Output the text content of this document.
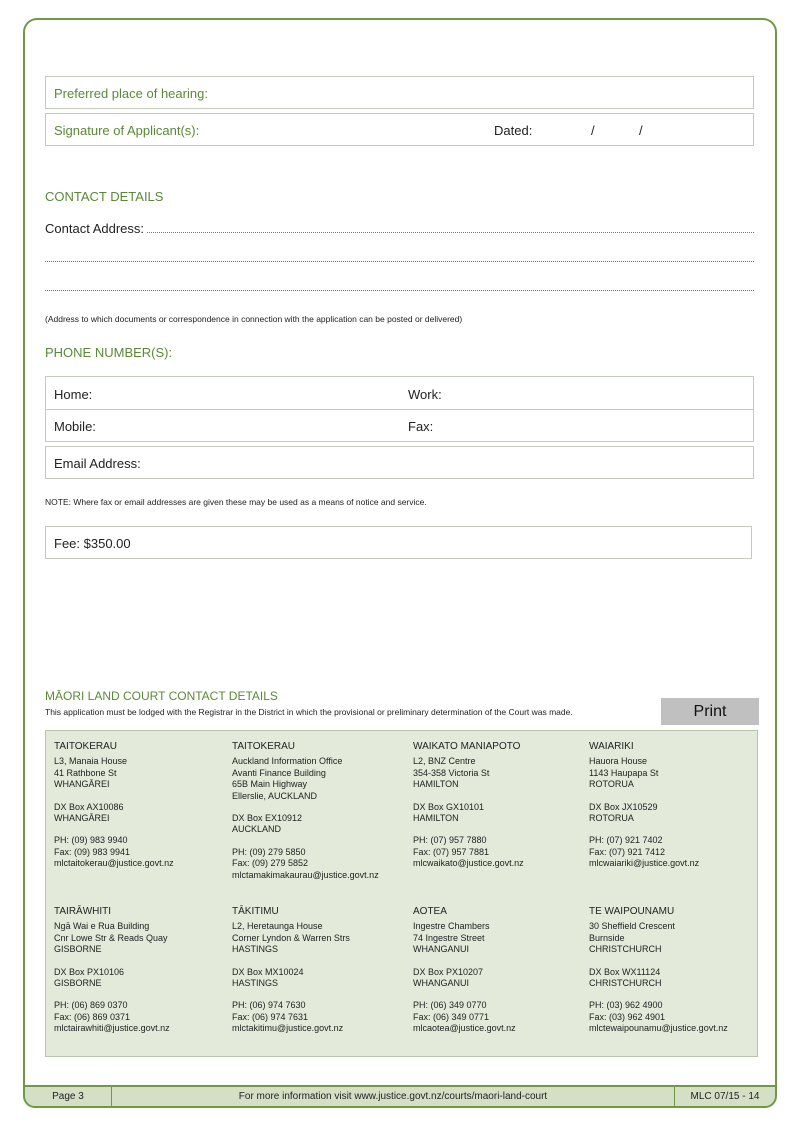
Preferred place of hearing:
Signature of Applicant(s):	Dated:	/	/
CONTACT DETAILS
Contact Address:
(Address to which documents or correspondence in connection with the application can be posted or delivered)
PHONE NUMBER(S):
Home:	Work:
Mobile:	Fax:
Email Address:
NOTE: Where fax or email addresses are given these may be used as a means of notice and service.
Fee: $350.00
MĀORI LAND COURT CONTACT DETAILS
This application must be lodged with the Registrar in the District in which the provisional or preliminary determination of the Court was made.	Print
TAITOKERAU
L3, Manaia House
41 Rathbone St
WHANGĀREI
DX Box AX10086
WHANGĀREI
PH: (09) 983 9940
Fax: (09) 983 9941
mlctaitokerau@justice.govt.nz
TAITOKERAU
Auckland Information Office
Avanti Finance Building
65B Main Highway
Ellerslie, AUCKLAND
DX Box EX10912
AUCKLAND
PH: (09) 279 5850
Fax: (09) 279 5852
mlctamakimakaurau@justice.govt.nz
WAIKATO MANIAPOTO
L2, BNZ Centre
354-358 Victoria St
HAMILTON
DX Box GX10101
HAMILTON
PH: (07) 957 7880
Fax: (07) 957 7881
mlcwaikato@justice.govt.nz
WAIARIKI
Hauora House
1143 Haupapa St
ROTORUA
DX Box JX10529
ROTORUA
PH: (07) 921 7402
Fax: (07) 921 7412
mlcwaiariki@justice.govt.nz
TAIRĀWHITI
Ngā Wai e Rua Building
Cnr Lowe Str & Reads Quay
GISBORNE
DX Box PX10106
GISBORNE
PH: (06) 869 0370
Fax: (06) 869 0371
mlctairawhiti@justice.govt.nz
TĀKITIMU
L2, Heretaunga House
Corner Lyndon & Warren Strs
HASTINGS
DX Box MX10024
HASTINGS
PH: (06) 974 7630
Fax: (06) 974 7631
mlctakitimu@justice.govt.nz
AOTEA
Ingestre Chambers
74 Ingestre Street
WHANGANUI
DX Box PX10207
WHANGANUI
PH: (06) 349 0770
Fax: (06) 349 0771
mlcaotea@justice.govt.nz
TE WAIPOUNAMU
30 Sheffield Crescent
Burnside
CHRISTCHURCH
DX Box WX11124
CHRISTCHURCH
PH: (03) 962 4900
Fax: (03) 962 4901
mlctewaipounamu@justice.govt.nz
Page 3	For more information visit www.justice.govt.nz/courts/maori-land-court	MLC 07/15 - 14
